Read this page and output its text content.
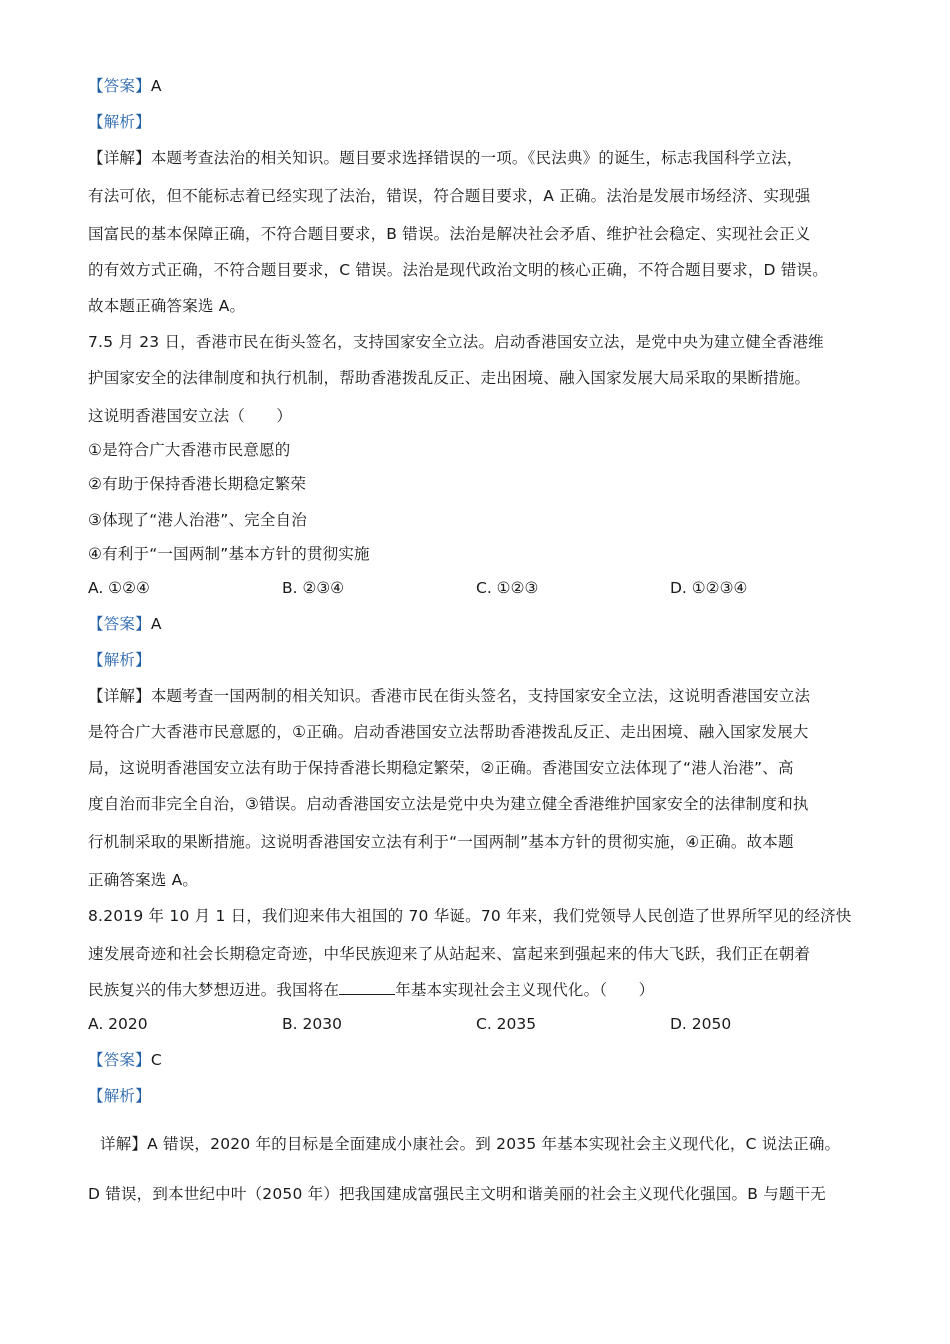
【答案】A
【解析】
【详解】本题考查法治的相关知识。题目要求选择错误的一项。《民法典》的诞生，标志我国科学立法，
有法可依，但不能标志着已经实现了法治，错误，符合题目要求，A 正确。法治是发展市场经济、实现强
国富民的基本保障正确，不符合题目要求，B 错误。法治是解决社会矛盾、维护社会稳定、实现社会正义
的有效方式正确，不符合题目要求，C 错误。法治是现代政治文明的核心正确，不符合题目要求，D 错误。
故本题正确答案选 A。
7.5 月 23 日，香港市民在街头签名，支持国家安全立法。启动香港国安立法，是党中央为建立健全香港维
护国家安全的法律制度和执行机制，帮助香港拨乱反正、走出困境、融入国家发展大局采取的果断措施。
这说明香港国安立法（　　）
①是符合广大香港市民意愿的
②有助于保持香港长期稳定繁荣
③体现了“港人治港”、完全自治
④有利于“一国两制”基本方针的贯彻实施
A. ①②④	B. ②③④	C. ①②③	D. ①②③④
【答案】A
【解析】
【详解】本题考查一国两制的相关知识。香港市民在街头签名，支持国家安全立法，这说明香港国安立法
是符合广大香港市民意愿的，①正确。启动香港国安立法帮助香港拨乱反正、走出困境、融入国家发展大
局，这说明香港国安立法有助于保持香港长期稳定繁荣，②正确。香港国安立法体现了“港人治港”、高
度自治而非完全自治，③错误。启动香港国安立法是党中央为建立健全香港维护国家安全的法律制度和执
行机制采取的果断措施。这说明香港国安立法有利于“一国两制”基本方针的贯彻实施，④正确。故本题
正确答案选 A。
8.2019 年 10 月 1 日，我们迎来伟大祖国的 70 华诞。70 年来，我们党领导人民创造了世界所罕见的经济快
速发展奇迹和社会长期稳定奇迹，中华民族迎来了从站起来、富起来到强起来的伟大飞跃，我们正在朝着
民族复兴的伟大梦想迈进。我国将在	年基本实现社会主义现代化。（　　）
A. 2020	B. 2030	C. 2035	D. 2050
【答案】C
【解析】
详解】A 错误，2020 年的目标是全面建成小康社会。到 2035 年基本实现社会主义现代化，C 说法正确。
D 错误，到本世纪中叶（2050 年）把我国建成富强民主文明和谐美丽的社会主义现代化强国。B 与题干无
